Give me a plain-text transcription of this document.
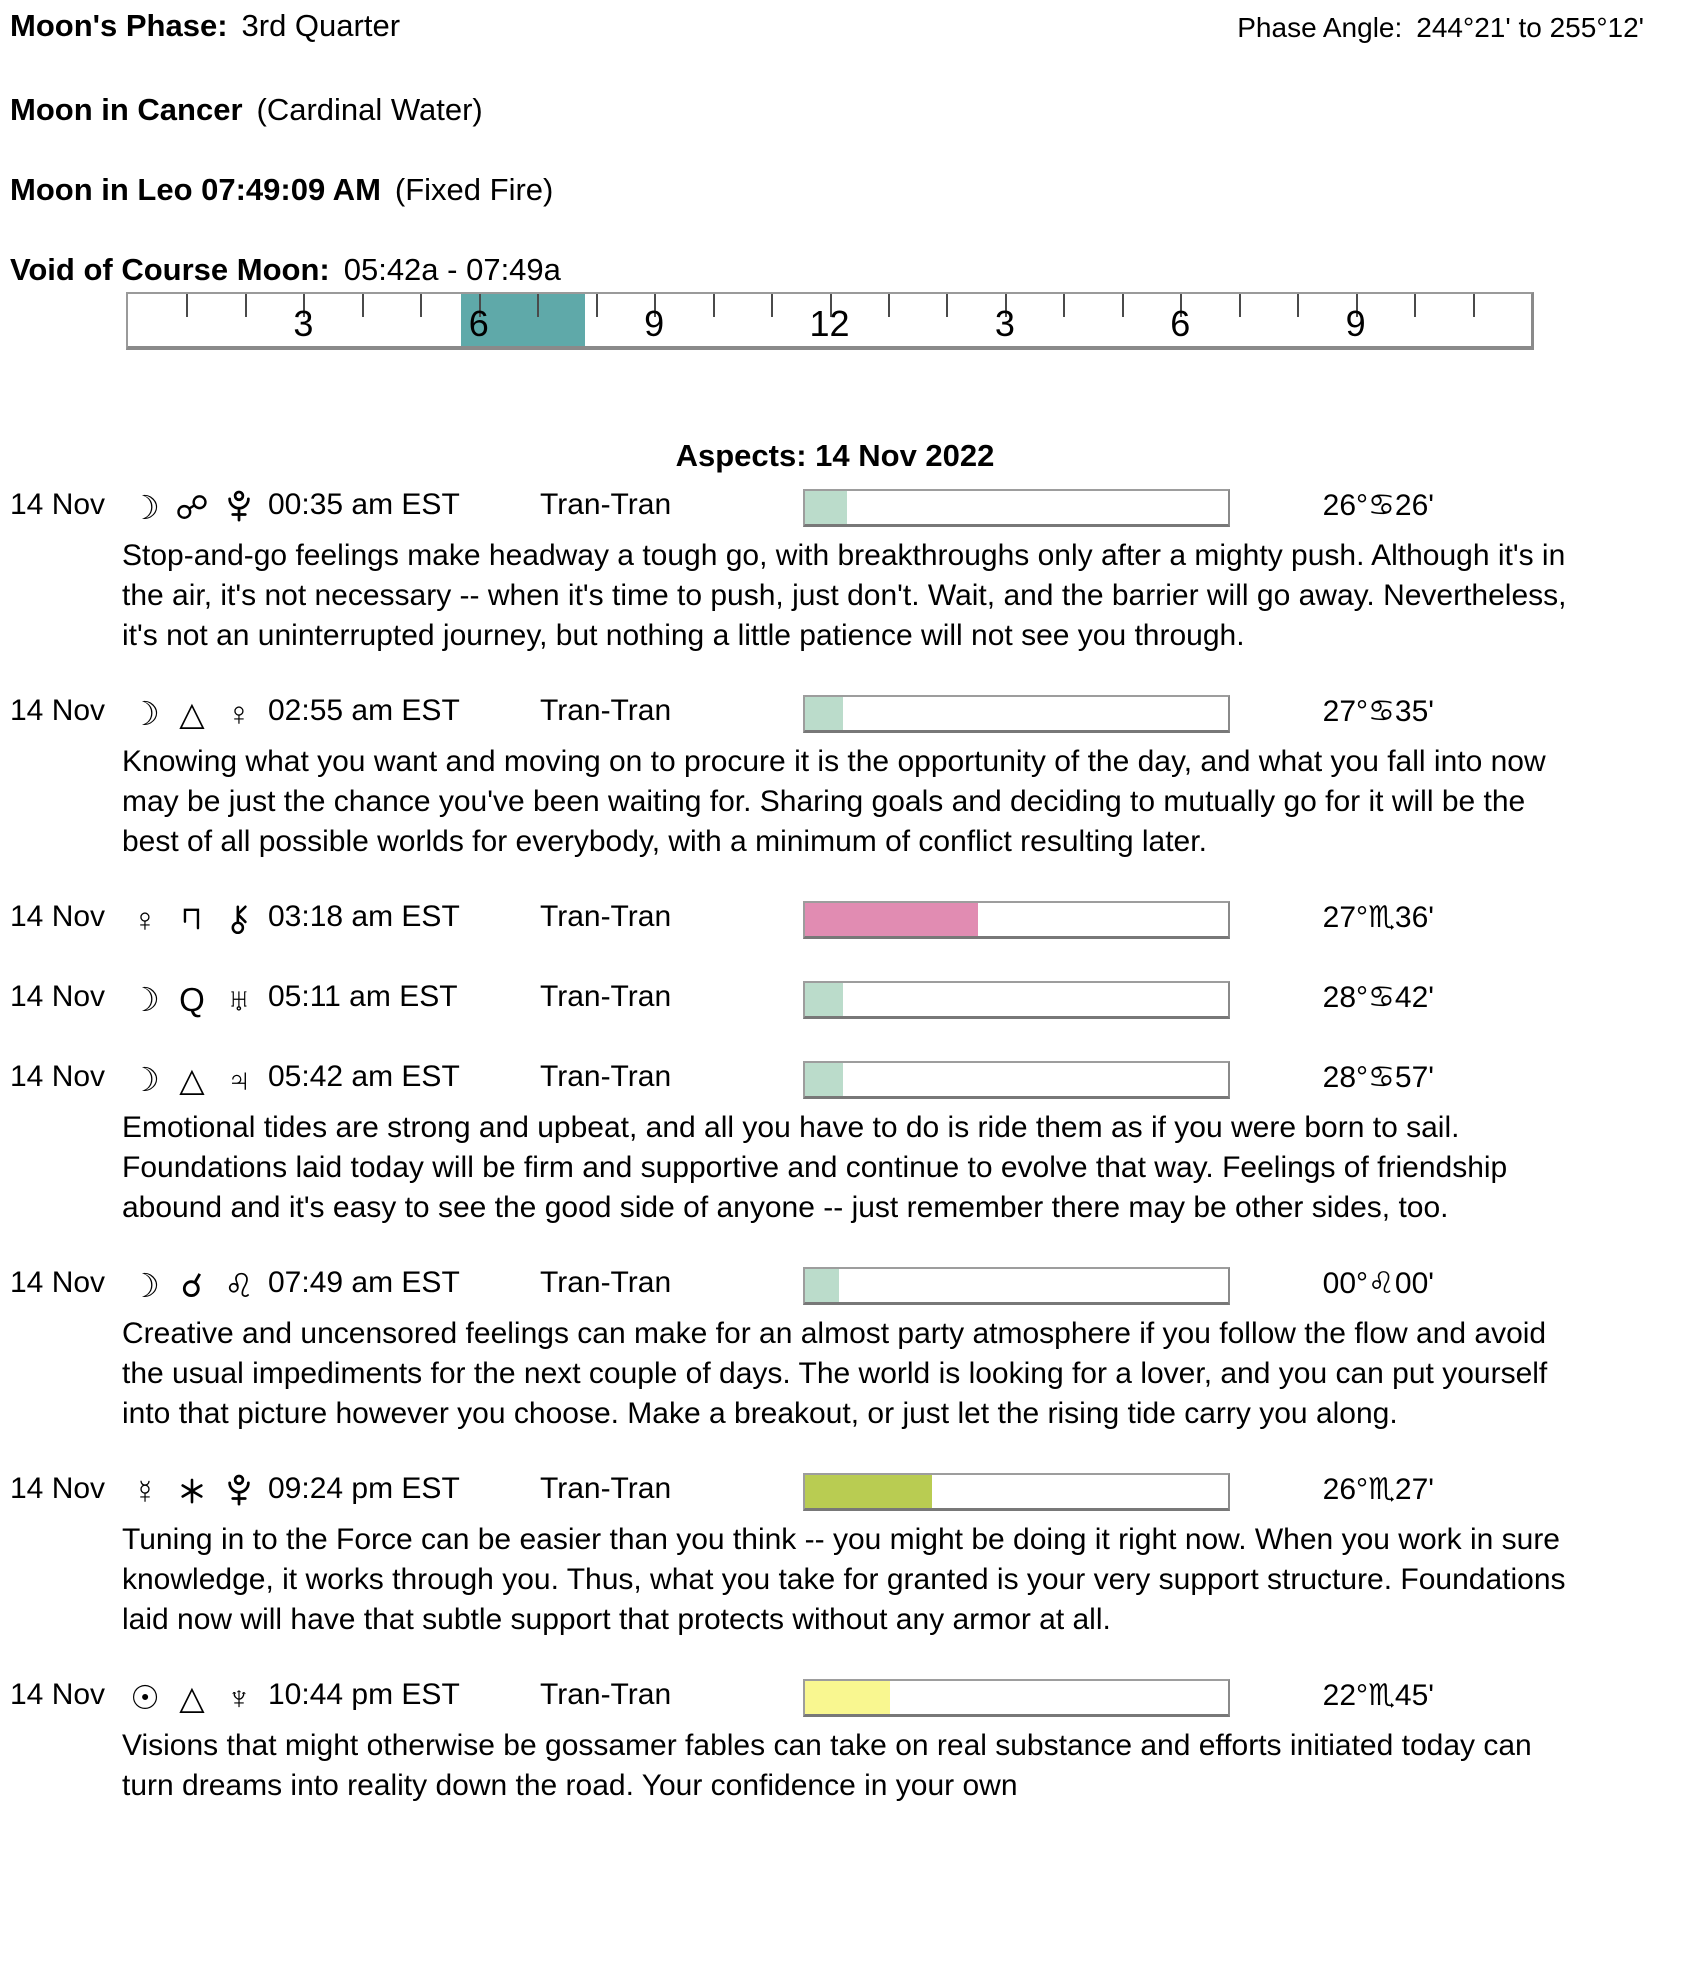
Moon's Phase: 3rd Quarter	Phase Angle: 244°21' to 255°12'
Moon in Cancer (Cardinal Water)
Moon in Leo 07:49:09 AM (Fixed Fire)
Void of Course Moon: 05:42a - 07:49a
3	6	9	12	3	6	9
Aspects: 14 Nov 2022
14 Nov ☽ ☍ 00:35 am EST	Tran-Tran	26°♋26'

Stop-and-go feelings make headway a tough go, with breakthroughs only after a mighty push. Although it's in the air, it's not necessary -- when it's time to push, just don't. Wait, and the barrier will go away. Nevertheless, it's not an uninterrupted journey, but nothing a little patience will not see you through.

14 Nov ☽ △ ♀ 02:55 am EST	Tran-Tran	27°♋35'

Knowing what you want and moving on to procure it is the opportunity of the day, and what you fall into now may be just the chance you've been waiting for. Sharing goals and deciding to mutually go for it will be the best of all possible worlds for everybody, with a minimum of conflict resulting later.

14 Nov ♀	03:18 am EST	Tran-Tran	27°♏36'
14 Nov ☽ Q ♅ 05:11 am EST	Tran-Tran	28°♋42'
14 Nov ☽ △ ♃ 05:42 am EST	Tran-Tran	28°♋57'

Emotional tides are strong and upbeat, and all you have to do is ride them as if you were born to sail. Foundations laid today will be firm and supportive and continue to evolve that way. Feelings of friendship abound and it's easy to see the good side of anyone -- just remember there may be other sides, too.

14 Nov ☽ ☌ ♌ 07:49 am EST	Tran-Tran	00°♌00'

Creative and uncensored feelings can make for an almost party atmosphere if you follow the flow and avoid the usual impediments for the next couple of days. The world is looking for a lover, and you can put yourself into that picture however you choose. Make a breakout, or just let the rising tide carry you along.

14 Nov ☿	09:24 pm EST	Tran-Tran	26°♏27'

Tuning in to the Force can be easier than you think -- you might be doing it right now. When you work in sure knowledge, it works through you. Thus, what you take for granted is your very support structure. Foundations laid now will have that subtle support that protects without any armor at all.

14 Nov ☉ △ ♆ 10:44 pm EST	Tran-Tran	22°♏45'

Visions that might otherwise be gossamer fables can take on real substance and efforts initiated today can turn dreams into reality down the road. Your confidence in your own
